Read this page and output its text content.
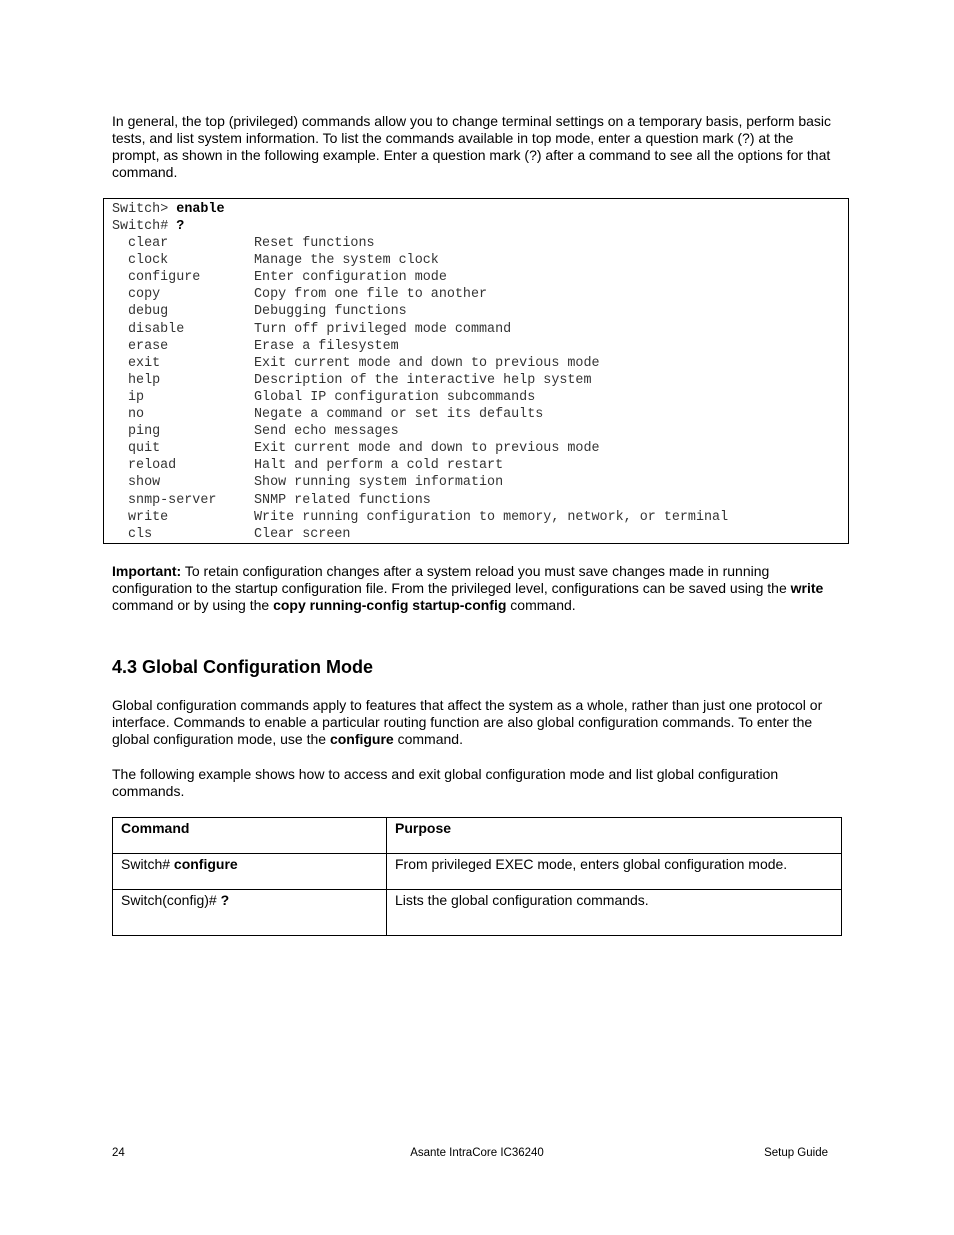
In general, the top (privileged) commands allow you to change terminal settings on a temporary basis, perform basic tests, and list system information. To list the commands available in top mode, enter a question mark (?) at the prompt, as shown in the following example. Enter a question mark (?) after a command to see all the options for that command.

Switch> enable
Switch# ?
clear	Reset functions
clock	Manage the system clock
configure	Enter configuration mode
copy	Copy from one file to another
debug	Debugging functions
disable	Turn off privileged mode command
erase	Erase a filesystem
exit	Exit current mode and down to previous mode
help	Description of the interactive help system
ip	Global IP configuration subcommands
no	Negate a command or set its defaults
ping	Send echo messages
quit	Exit current mode and down to previous mode
reload	Halt and perform a cold restart
show	Show running system information
snmp-server	SNMP related functions
write	Write running configuration to memory, network, or terminal
cls	Clear screen

Important: To retain configuration changes after a system reload you must save changes made in running configuration to the startup configuration file. From the privileged level, configurations can be saved using the write command or by using the copy running-config startup-config command.

4.3 Global Configuration Mode

Global configuration commands apply to features that affect the system as a whole, rather than just one protocol or interface. Commands to enable a particular routing function are also global configuration commands. To enter the global configuration mode, use the configure command.

The following example shows how to access and exit global configuration mode and list global configuration commands.

Command	Purpose
Switch# configure	From privileged EXEC mode, enters global configuration mode.
Switch(config)# ?	Lists the global configuration commands.
24	Asante IntraCore IC36240	Setup Guide
